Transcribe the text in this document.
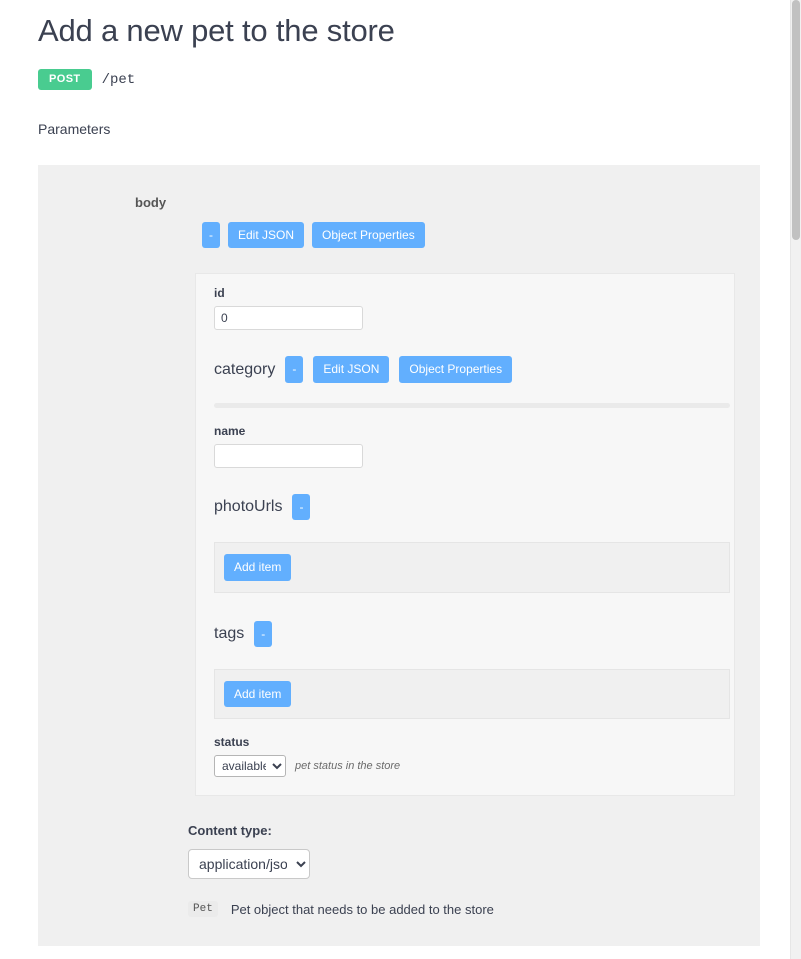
Add a new pet to the store
POST	/pet
Parameters
body
-	Edit JSON	Object Properties
id
0
category	-	Edit JSON	Object Properties
name
photoUrls	-
Add item
tags	-
Add item
status
available
pet status in the store
Content type:
application/json
Pet	Pet object that needs to be added to the store
